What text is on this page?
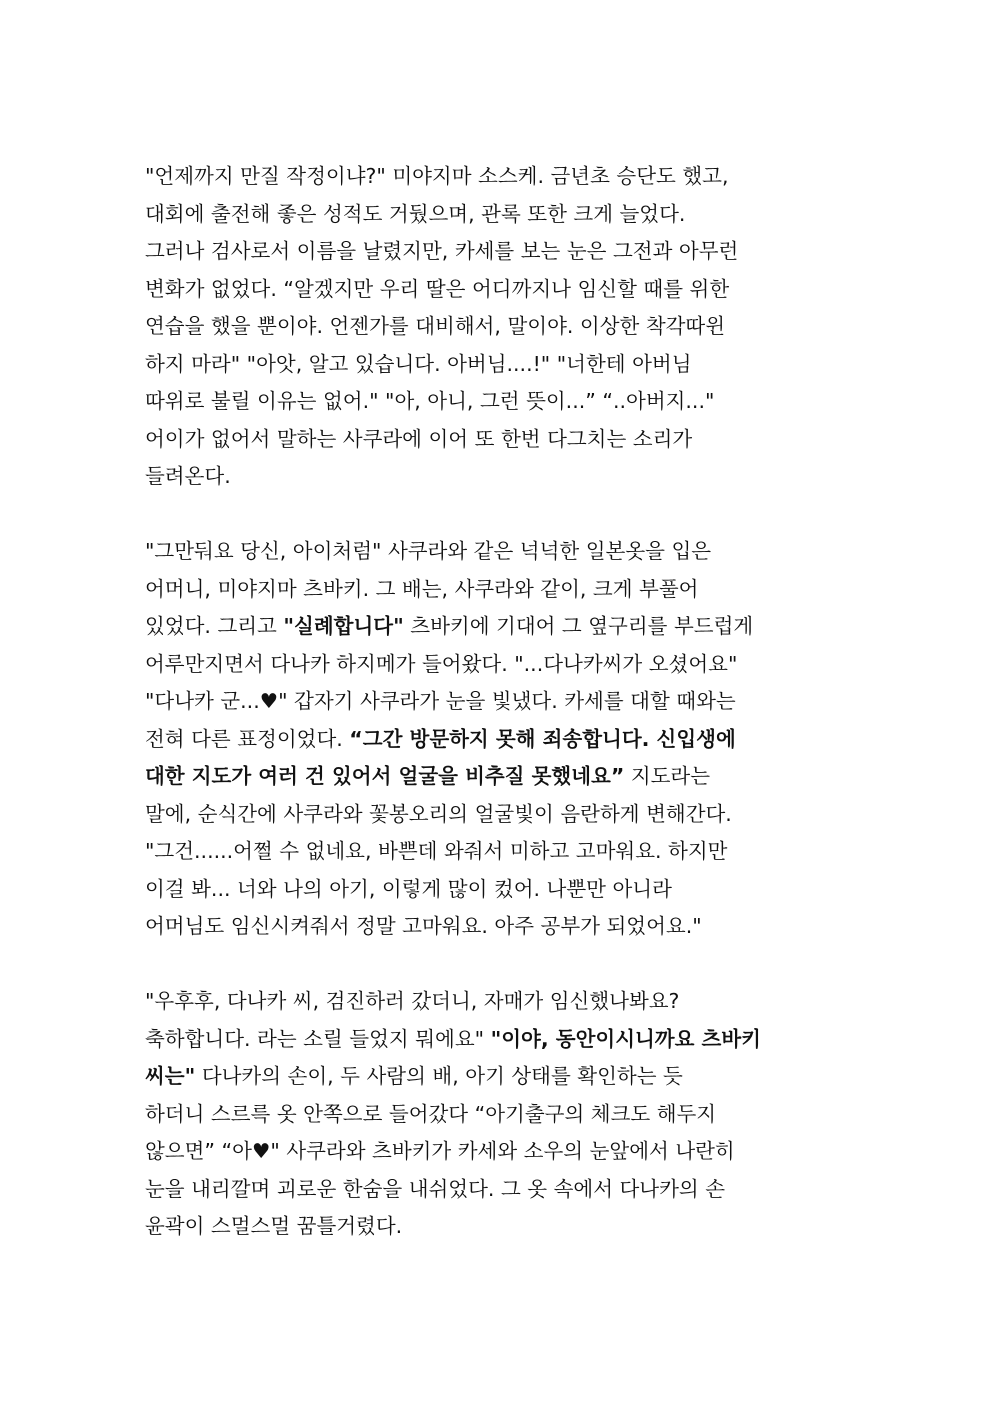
"언제까지 만질 작정이냐?" 미야지마 소스케. 금년초 승단도 했고,
대회에 출전해 좋은 성적도 거뒀으며, 관록 또한 크게 늘었다.
그러나 검사로서 이름을 날렸지만, 카세를 보는 눈은 그전과 아무런
변화가 없었다. “알겠지만 우리 딸은 어디까지나 임신할 때를 위한
연습을 했을 뿐이야. 언젠가를 대비해서, 말이야. 이상한 착각따윈
하지 마라" "아앗, 알고 있습니다. 아버님....!" "너한테 아버님
따위로 불릴 이유는 없어." "아, 아니, 그런 뜻이...” “..아버지..."
어이가 없어서 말하는 사쿠라에 이어 또 한번 다그치는 소리가
들려온다.
"그만둬요 당신, 아이처럼" 사쿠라와 같은 넉넉한 일본옷을 입은
어머니, 미야지마 츠바키. 그 배는, 사쿠라와 같이, 크게 부풀어
있었다. 그리고 "실례합니다" 츠바키에 기대어 그 옆구리를 부드럽게
어루만지면서 다나카 하지메가 들어왔다. "...다나카씨가 오셨어요"
"다나카 군...♥" 갑자기 사쿠라가 눈을 빛냈다. 카세를 대할 때와는
전혀 다른 표정이었다. “그간 방문하지 못해 죄송합니다. 신입생에
대한 지도가 여러 건 있어서 얼굴을 비추질 못했네요” 지도라는
말에, 순식간에 사쿠라와 꽃봉오리의 얼굴빛이 음란하게 변해간다.
"그건......어쩔 수 없네요, 바쁜데 와줘서 미하고 고마워요. 하지만
이걸 봐... 너와 나의 아기, 이렇게 많이 컸어. 나뿐만 아니라
어머님도 임신시켜줘서 정말 고마워요. 아주 공부가 되었어요."
"우후후, 다나카 씨, 검진하러 갔더니, 자매가 임신했나봐요?
축하합니다. 라는 소릴 들었지 뭐에요" "이야, 동안이시니까요 츠바키
씨는" 다나카의 손이, 두 사람의 배, 아기 상태를 확인하는 듯
하더니 스르륵 옷 안쪽으로 들어갔다 “아기출구의 체크도 해두지
않으면” “아♥" 사쿠라와 츠바키가 카세와 소우의 눈앞에서 나란히
눈을 내리깔며 괴로운 한숨을 내쉬었다. 그 옷 속에서 다나카의 손
윤곽이 스멀스멀 꿈틀거렸다.
